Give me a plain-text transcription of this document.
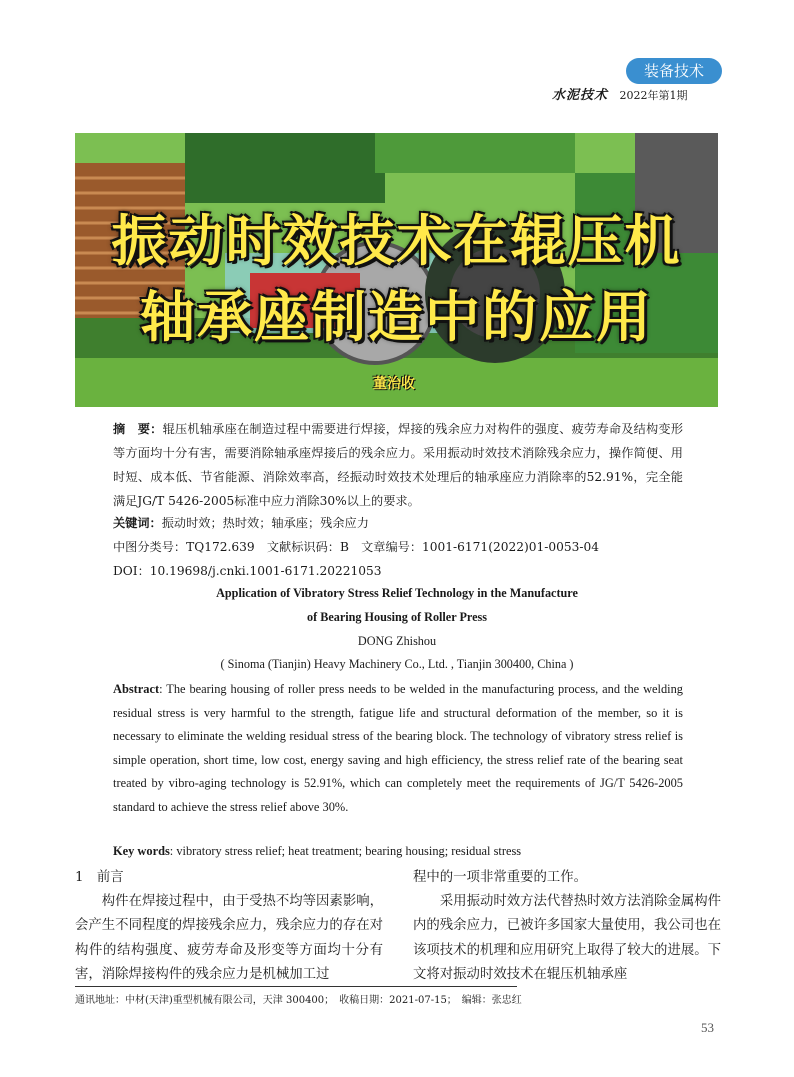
装备技术
水泥技术 2022年第1期
振动时效技术在辊压机
轴承座制造中的应用
董治收
摘　要：辊压机轴承座在制造过程中需要进行焊接，焊接的残余应力对构件的强度、疲劳寿命及结构变形等方面均十分有害，需要消除轴承座焊接后的残余应力。采用振动时效技术消除残余应力，操作简便、用时短、成本低、节省能源、消除效率高，经振动时效技术处理后的轴承座应力消除率的52.91%，完全能满足JG/T 5426-2005标准中应力消除30%以上的要求。
关键词：振动时效；热时效；轴承座；残余应力
中图分类号：TQ172.639　文献标识码：B　文章编号：1001-6171(2022)01-0053-04
DOI：10.19698/j.cnki.1001-6171.20221053
Application of Vibratory Stress Relief Technology in the Manufacture
of Bearing Housing of Roller Press
DONG Zhishou
( Sinoma (Tianjin) Heavy Machinery Co., Ltd. , Tianjin 300400, China )
Abstract: The bearing housing of roller press needs to be welded in the manufacturing process, and the welding residual stress is very harmful to the strength, fatigue life and structural deformation of the member, so it is necessary to eliminate the welding residual stress of the bearing block. The technology of vibratory stress relief is simple operation, short time, low cost, energy saving and high efficiency, the stress relief rate of the bearing seat treated by vibro-aging technology is 52.91%, which can completely meet the requirements of JG/T 5426-2005 standard to achieve the stress relief above 30%.
Key words: vibratory stress relief; heat treatment; bearing housing; residual stress
1　前言
构件在焊接过程中，由于受热不均等因素影响，会产生不同程度的焊接残余应力，残余应力的存在对构件的结构强度、疲劳寿命及形变等方面均十分有害，消除焊接构件的残余应力是机械加工过
程中的一项非常重要的工作。
采用振动时效方法代替热时效方法消除金属构件内的残余应力，已被许多国家大量使用，我公司也在该项技术的机理和应用研究上取得了较大的进展。下文将对振动时效技术在辊压机轴承座
通讯地址：中材(天津)重型机械有限公司，天津 300400；　收稿日期：2021-07-15；　编辑：张忠红
53
